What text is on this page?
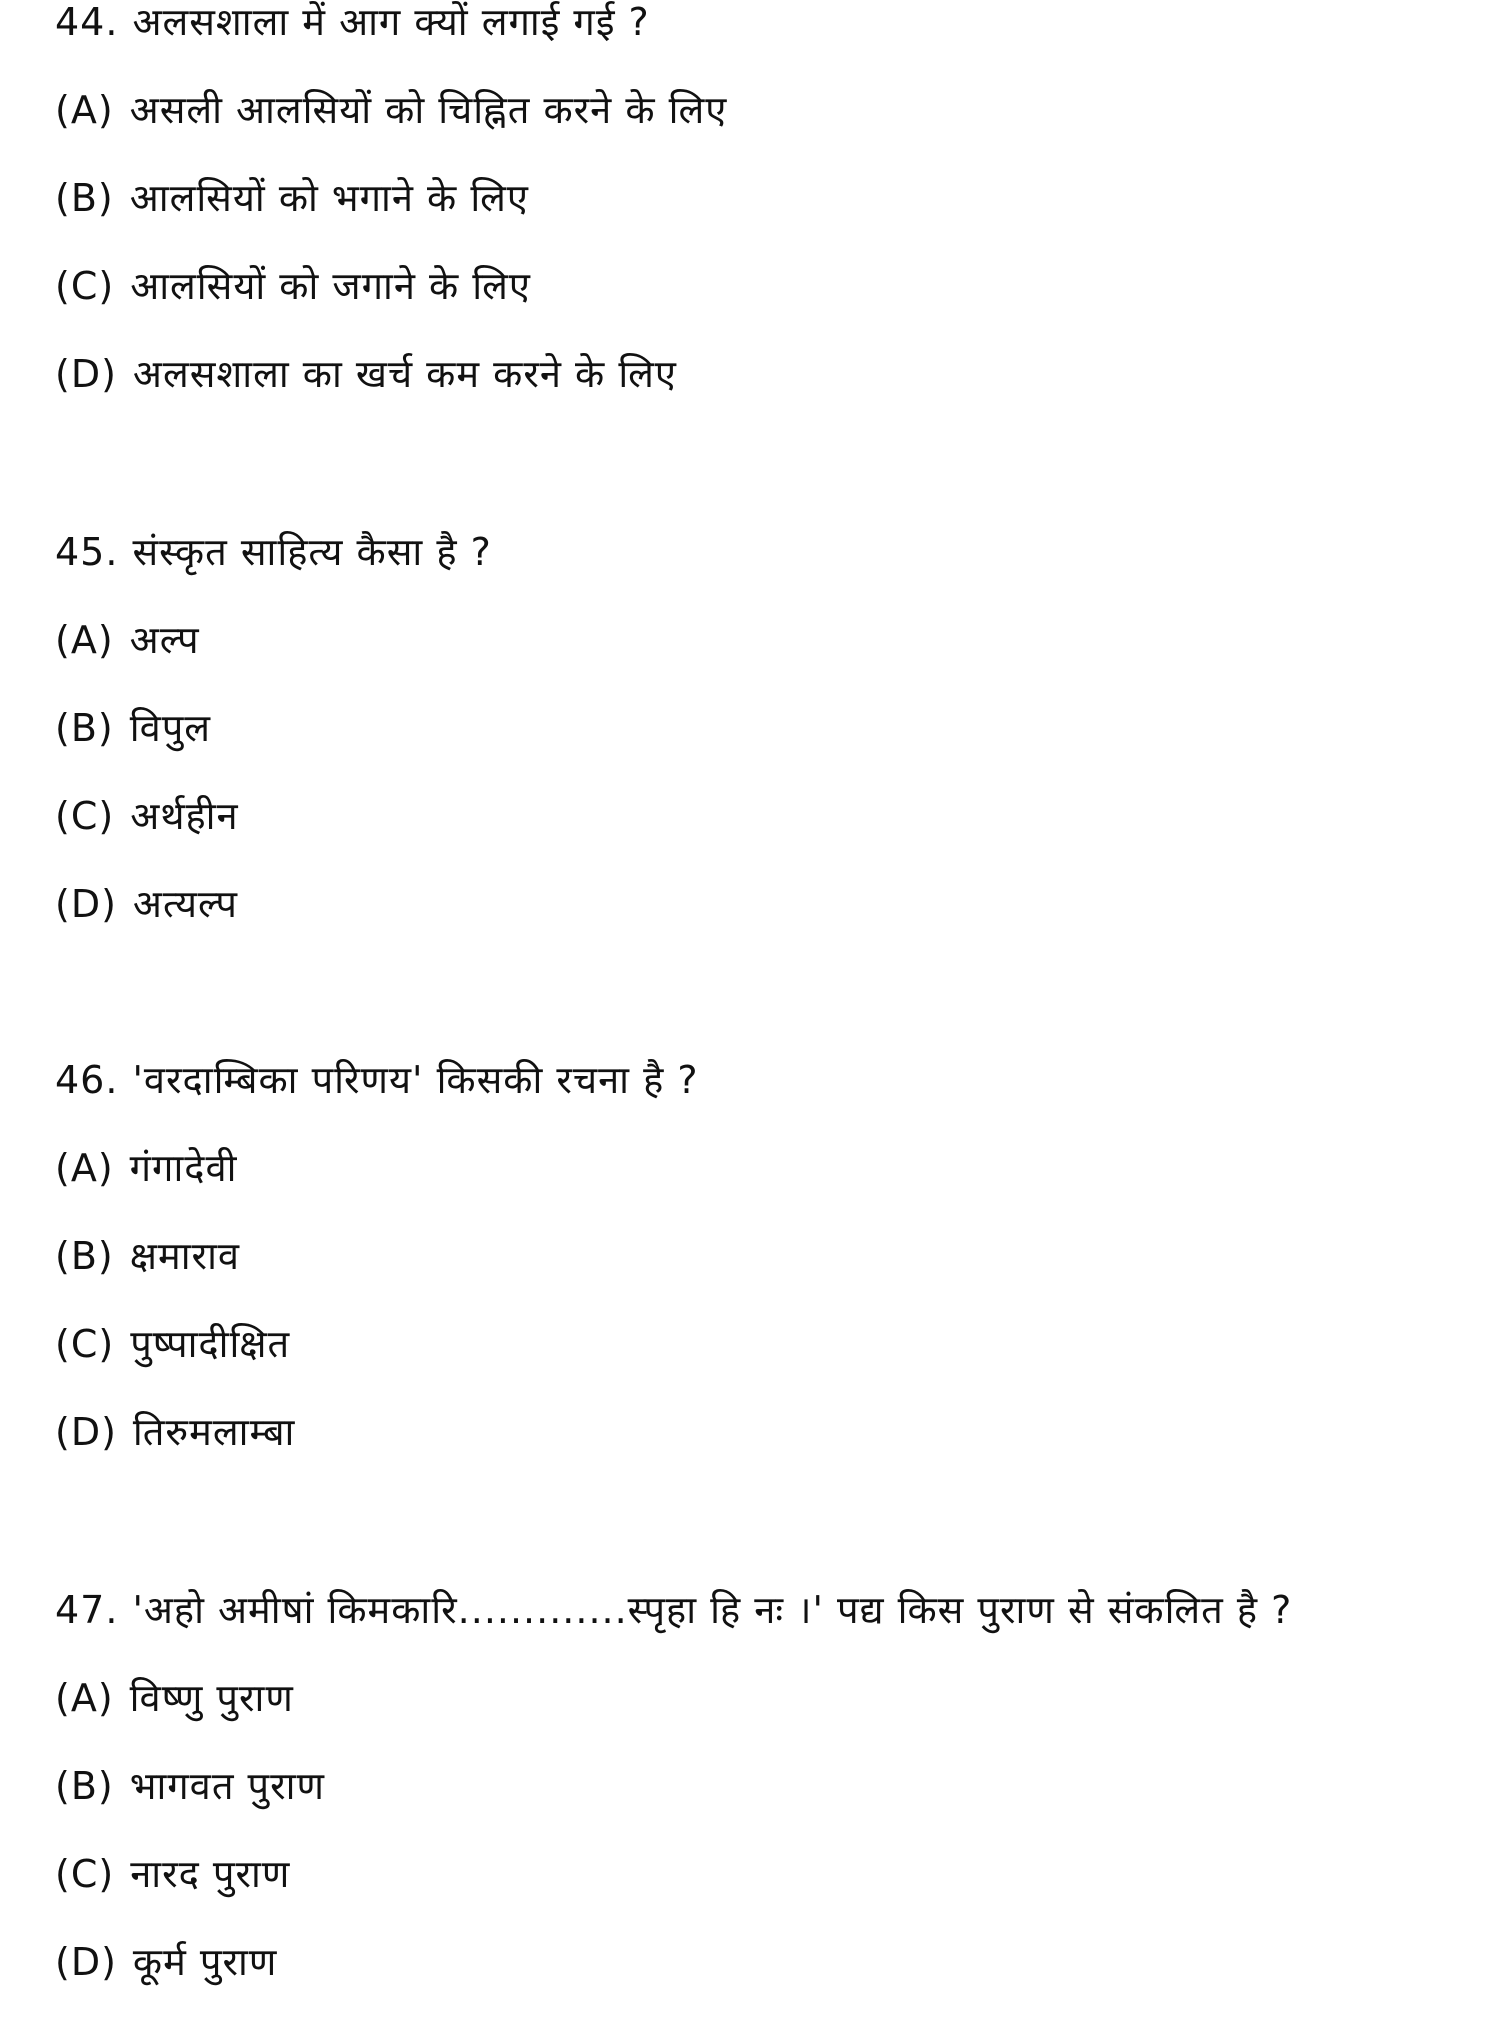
44. अलसशाला में आग क्यों लगाई गई ?
(A) असली आलसियों को चिह्नित करने के लिए
(B) आलसियों को भगाने के लिए
(C) आलसियों को जगाने के लिए
(D) अलसशाला का खर्च कम करने के लिए
45. संस्कृत साहित्य कैसा है ?
(A) अल्प
(B) विपुल
(C) अर्थहीन
(D) अत्यल्प
46. 'वरदाम्बिका परिणय' किसकी रचना है ?
(A) गंगादेवी
(B) क्षमाराव
(C) पुष्पादीक्षित
(D) तिरुमलाम्बा
47. 'अहो अमीषां किमकारि.............स्पृहा हि नः ।' पद्य किस पुराण से संकलित है ?
(A) विष्णु पुराण
(B) भागवत पुराण
(C) नारद पुराण
(D) कूर्म पुराण
